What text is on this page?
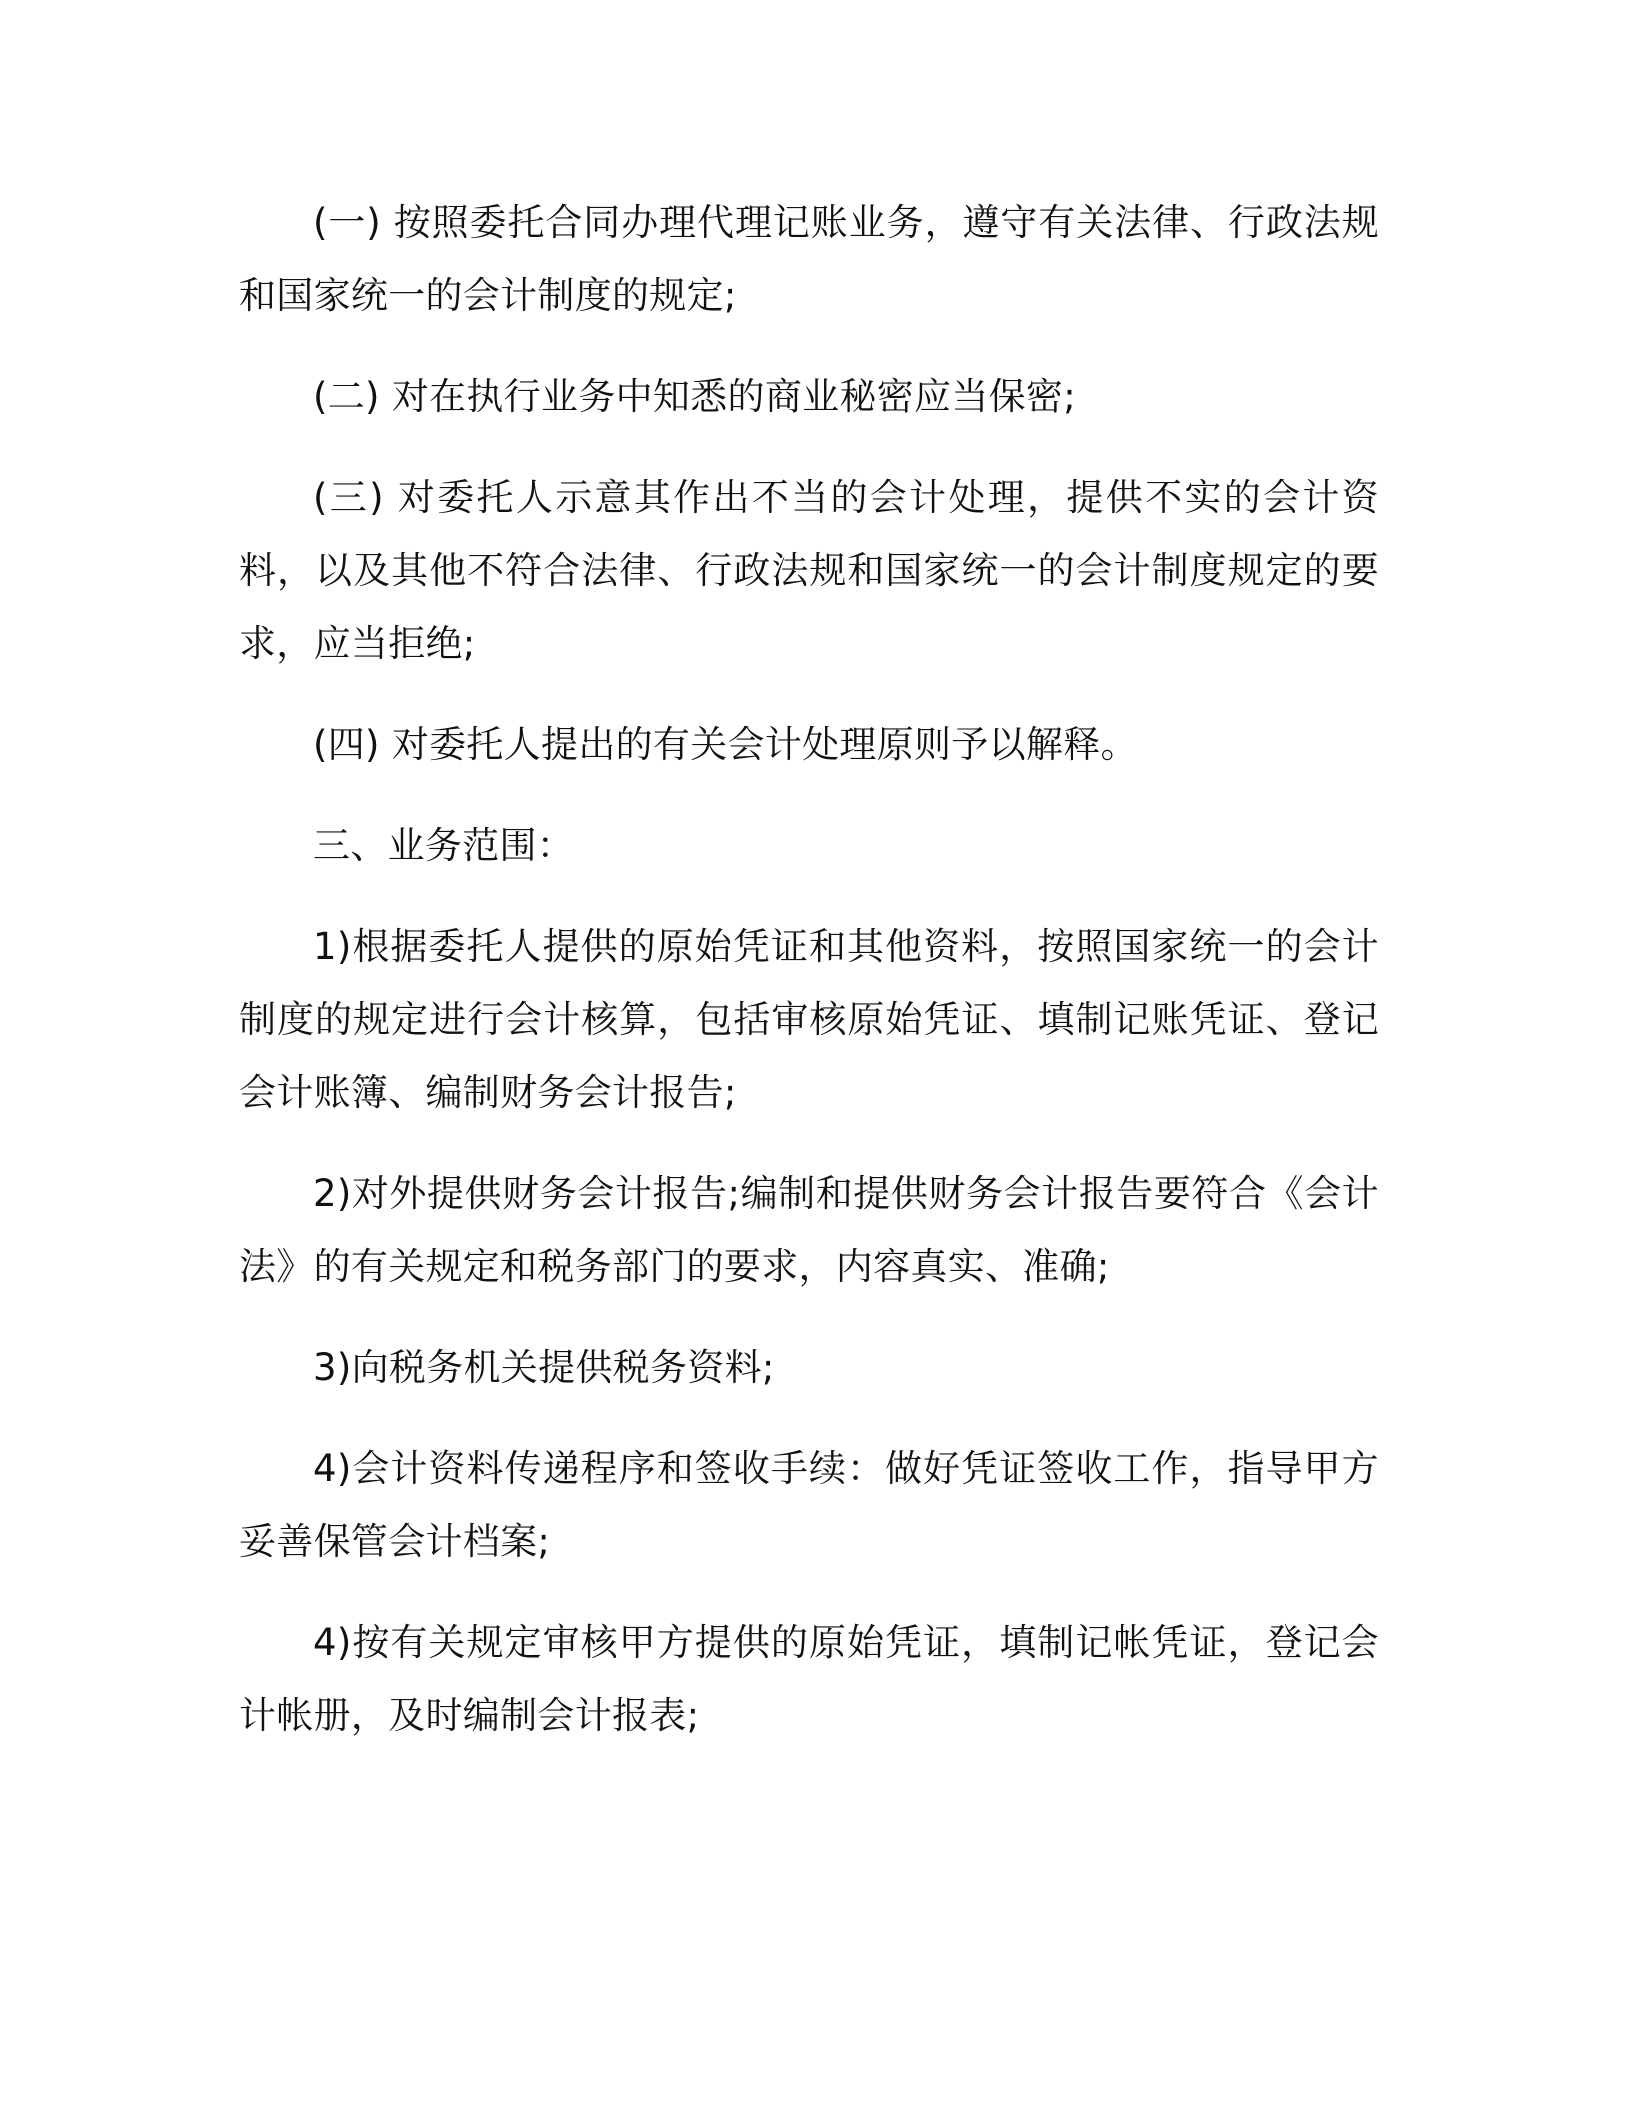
(一) 按照委托合同办理代理记账业务，遵守有关法律、行政法规和国家统一的会计制度的规定;

(二) 对在执行业务中知悉的商业秘密应当保密;

(三) 对委托人示意其作出不当的会计处理，提供不实的会计资料，以及其他不符合法律、行政法规和国家统一的会计制度规定的要求，应当拒绝;

(四) 对委托人提出的有关会计处理原则予以解释。

三、业务范围：

1)根据委托人提供的原始凭证和其他资料，按照国家统一的会计制度的规定进行会计核算，包括审核原始凭证、填制记账凭证、登记会计账簿、编制财务会计报告;

2)对外提供财务会计报告;编制和提供财务会计报告要符合《会计法》的有关规定和税务部门的要求，内容真实、准确;

3)向税务机关提供税务资料;

4)会计资料传递程序和签收手续：做好凭证签收工作，指导甲方妥善保管会计档案;

4)按有关规定审核甲方提供的原始凭证，填制记帐凭证，登记会计帐册，及时编制会计报表;
